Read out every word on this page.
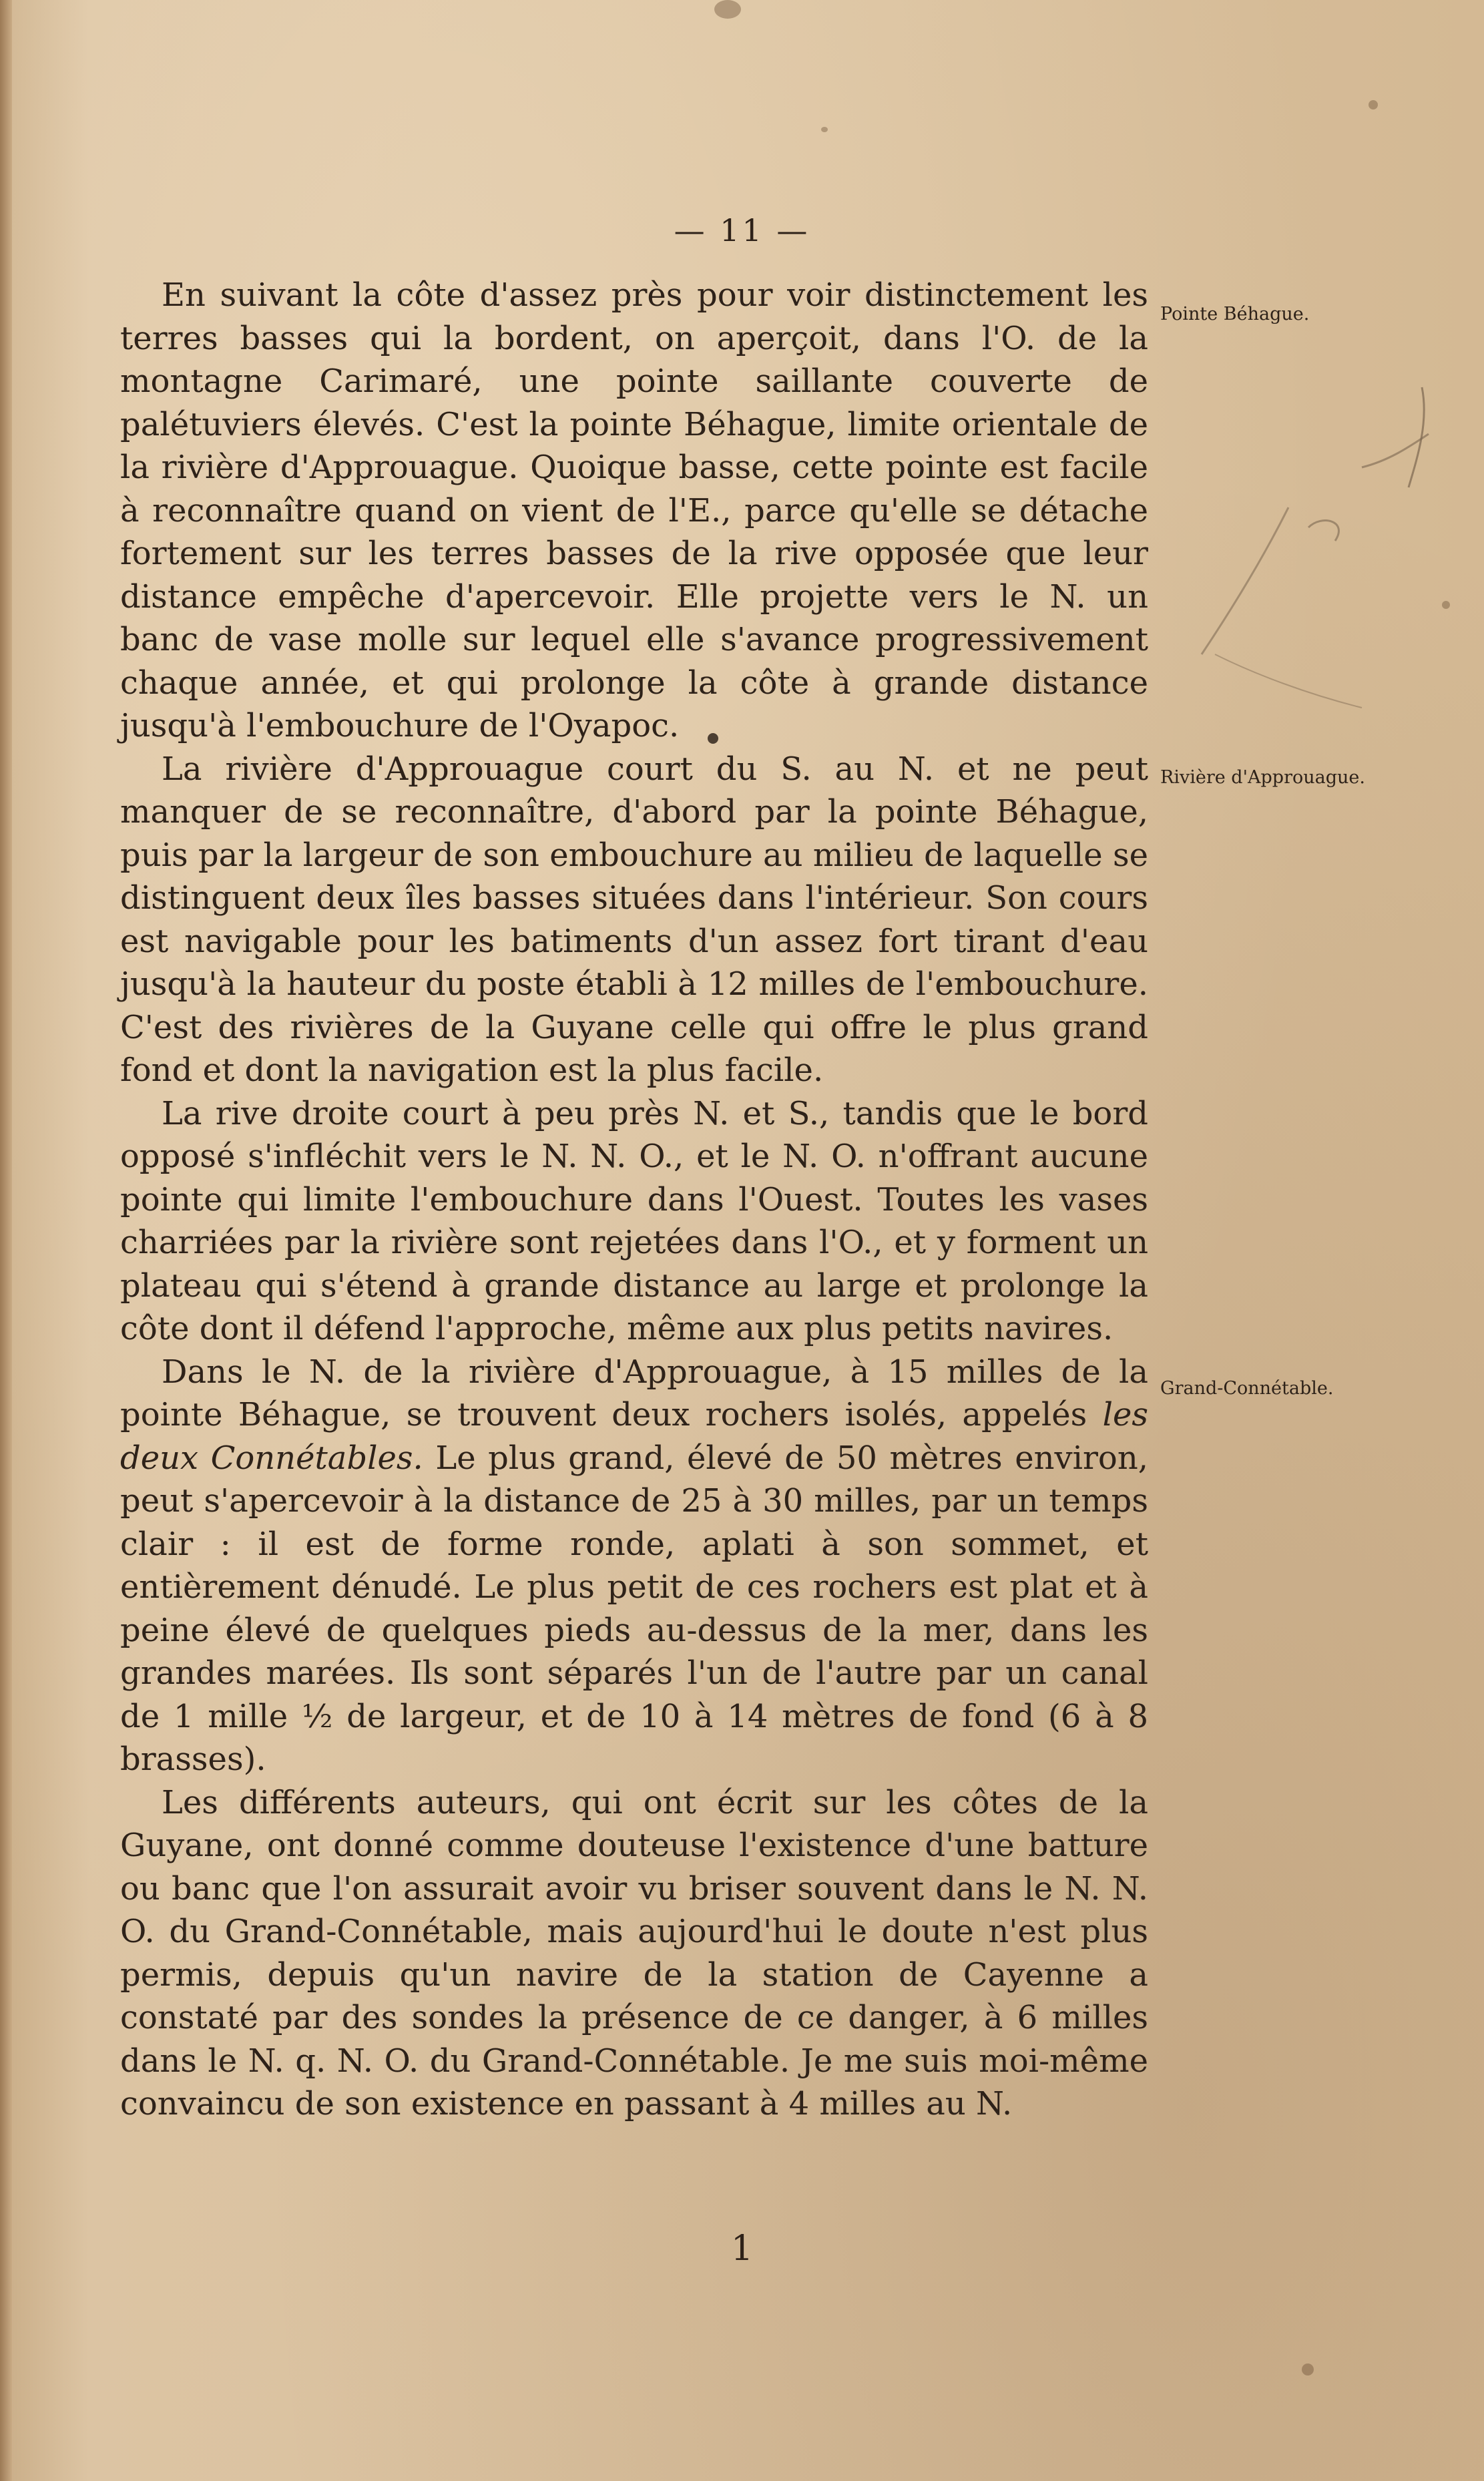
— 11 —

En suivant la côte d'assez près pour voir distinctement les terres basses qui la bordent, on aperçoit, dans l'O. de la montagne Carimaré, une pointe saillante couverte de palétuviers élevés. C'est la pointe Béhague, limite orientale de la rivière d'Approuague. Quoique basse, cette pointe est facile à reconnaître quand on vient de l'E., parce qu'elle se détache fortement sur les terres basses de la rive opposée que leur distance empêche d'apercevoir. Elle projette vers le N. un banc de vase molle sur lequel elle s'avance progressivement chaque année, et qui prolonge la côte à grande distance jusqu'à l'embouchure de l'Oyapoc.

La rivière d'Approuague court du S. au N. et ne peut manquer de se reconnaître, d'abord par la pointe Béhague, puis par la largeur de son embouchure au milieu de laquelle se distinguent deux îles basses situées dans l'intérieur. Son cours est navigable pour les batiments d'un assez fort tirant d'eau jusqu'à la hauteur du poste établi à 12 milles de l'embouchure. C'est des rivières de la Guyane celle qui offre le plus grand fond et dont la navigation est la plus facile.

La rive droite court à peu près N. et S., tandis que le bord opposé s'infléchit vers le N. N. O., et le N. O. n'offrant aucune pointe qui limite l'embouchure dans l'Ouest. Toutes les vases charriées par la rivière sont rejetées dans l'O., et y forment un plateau qui s'étend à grande distance au large et prolonge la côte dont il défend l'approche, même aux plus petits navires.

Dans le N. de la rivière d'Approuague, à 15 milles de la pointe Béhague, se trouvent deux rochers isolés, appelés les deux Connétables. Le plus grand, élevé de 50 mètres environ, peut s'apercevoir à la distance de 25 à 30 milles, par un temps clair : il est de forme ronde, aplati à son sommet, et entièrement dénudé. Le plus petit de ces rochers est plat et à peine élevé de quelques pieds au-dessus de la mer, dans les grandes marées. Ils sont séparés l'un de l'autre par un canal de 1 mille ½ de largeur, et de 10 à 14 mètres de fond (6 à 8 brasses).

Les différents auteurs, qui ont écrit sur les côtes de la Guyane, ont donné comme douteuse l'existence d'une batture ou banc que l'on assurait avoir vu briser souvent dans le N. N. O. du Grand-Connétable, mais aujourd'hui le doute n'est plus permis, depuis qu'un navire de la station de Cayenne a constaté par des sondes la présence de ce danger, à 6 milles dans le N. q. N. O. du Grand-Connétable. Je me suis moi-même convaincu de son existence en passant à 4 milles au N.

Pointe Béhague.
Rivière d'Approuague.
Grand-Connétable.
1
